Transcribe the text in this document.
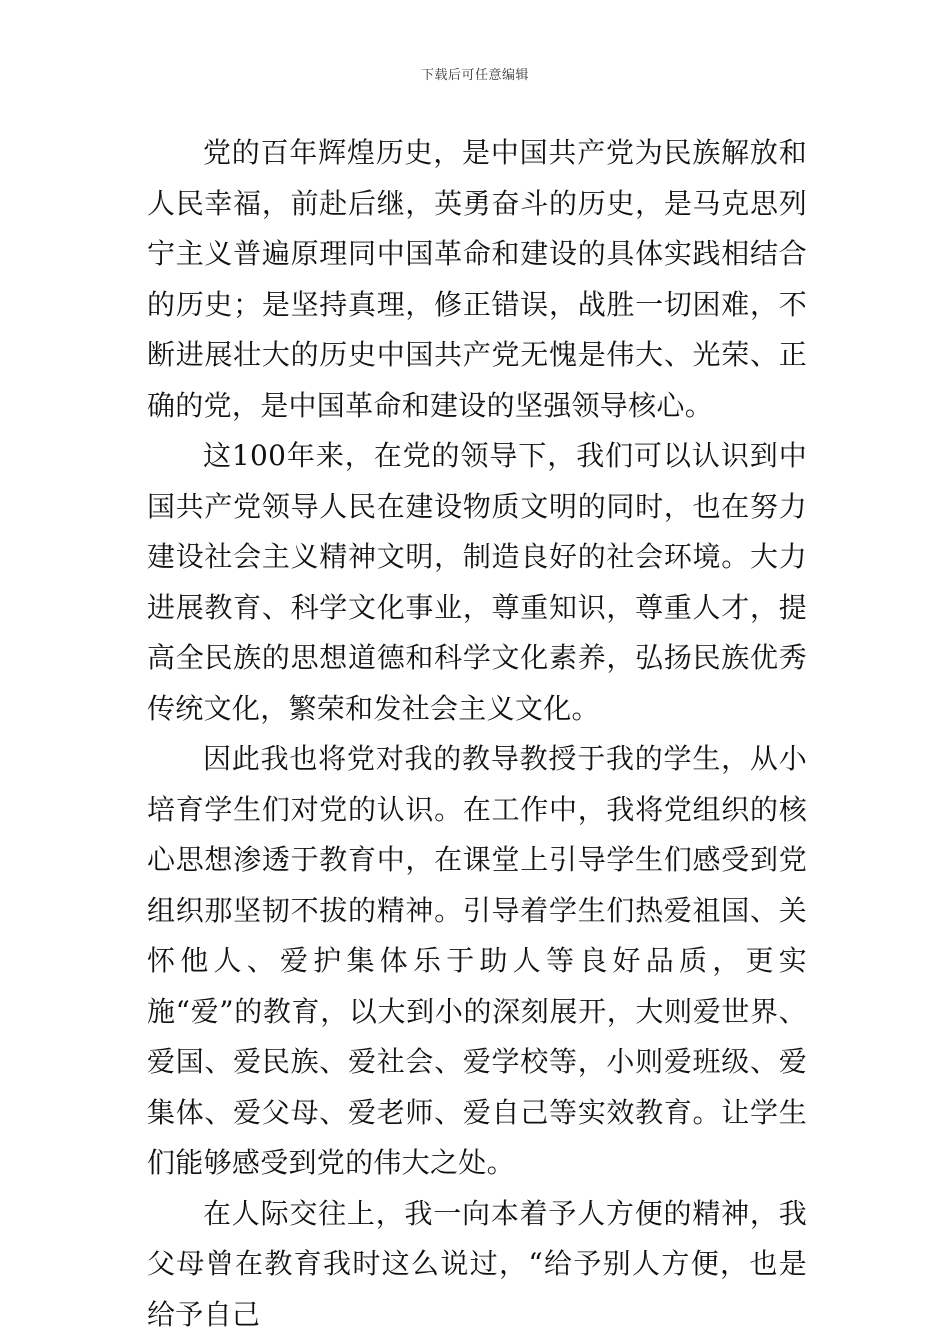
下载后可任意编辑

党的百年辉煌历史，是中国共产党为民族解放和人民幸福，前赴后继，英勇奋斗的历史，是马克思列宁主义普遍原理同中国革命和建设的具体实践相结合的历史；是坚持真理，修正错误，战胜一切困难，不断进展壮大的历史中国共产党无愧是伟大、光荣、正确的党，是中国革命和建设的坚强领导核心。

这100年来，在党的领导下，我们可以认识到中国共产党领导人民在建设物质文明的同时，也在努力建设社会主义精神文明，制造良好的社会环境。大力进展教育、科学文化事业，尊重知识，尊重人才，提高全民族的思想道德和科学文化素养，弘扬民族优秀传统文化，繁荣和发社会主义文化。

因此我也将党对我的教导教授于我的学生，从小培育学生们对党的认识。在工作中，我将党组织的核心思想渗透于教育中，在课堂上引导学生们感受到党组织那坚韧不拔的精神。引导着学生们热爱祖国、关怀他人、爱护集体乐于助人等良好品质，更实施“爱”的教育，以大到小的深刻展开，大则爱世界、爱国、爱民族、爱社会、爱学校等，小则爱班级、爱集体、爱父母、爱老师、爱自己等实效教育。让学生们能够感受到党的伟大之处。

在人际交往上，我一向本着予人方便的精神，我父母曾在教育我时这么说过，“给予别人方便，也是给予自己
